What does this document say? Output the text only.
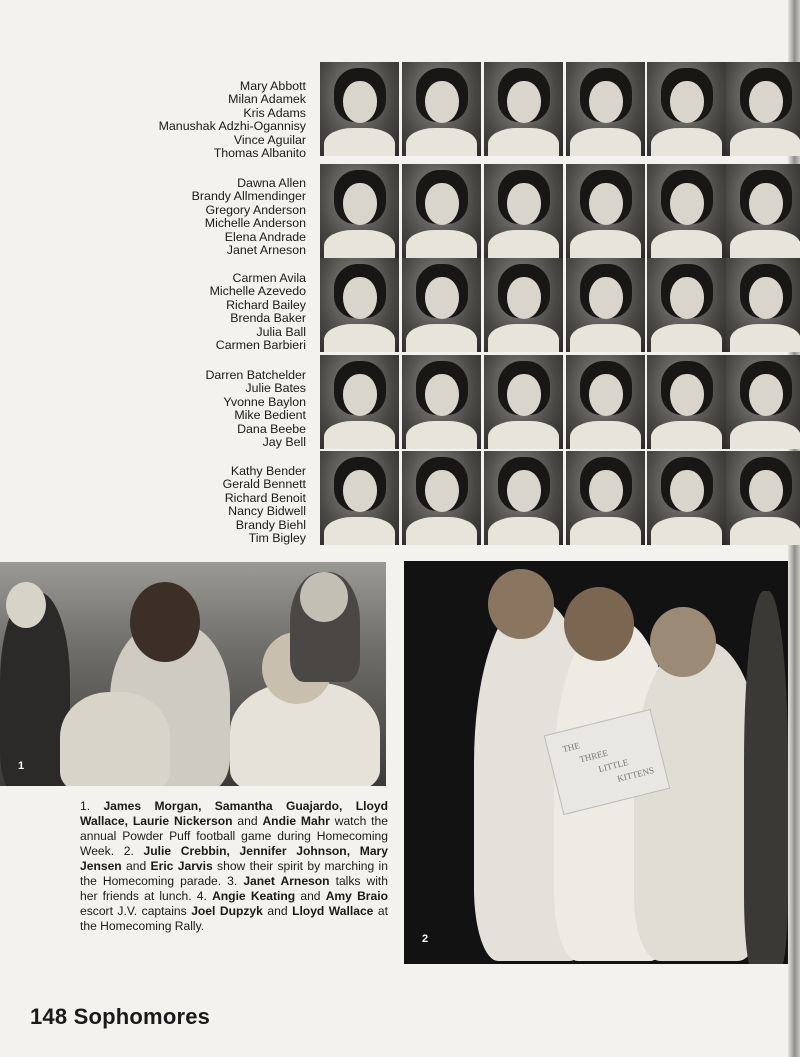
Mary Abbott
Milan Adamek
Kris Adams
Manushak Adzhi-Ogannisy
Vince Aguilar
Thomas Albanito
Dawna Allen
Brandy Allmendinger
Gregory Anderson
Michelle Anderson
Elena Andrade
Janet Arneson
Carmen Avila
Michelle Azevedo
Richard Bailey
Brenda Baker
Julia Ball
Carmen Barbieri
Darren Batchelder
Julie Bates
Yvonne Baylon
Mike Bedient
Dana Beebe
Jay Bell
Kathy Bender
Gerald Bennett
Richard Benoit
Nancy Bidwell
Brandy Biehl
Tim Bigley
1
THE
THREE
LITTLE
KITTENS
2
1. James Morgan, Samantha Guajardo, Lloyd Wallace, Laurie Nickerson and Andie Mahr watch the annual Powder Puff football game during Homecoming Week. 2. Julie Crebbin, Jennifer Johnson, Mary Jensen and Eric Jarvis show their spirit by marching in the Homecoming parade. 3. Janet Arneson talks with her friends at lunch. 4. Angie Keating and Amy Braio escort J.V. captains Joel Dupzyk and Lloyd Wallace at the Homecoming Rally.
148 Sophomores
